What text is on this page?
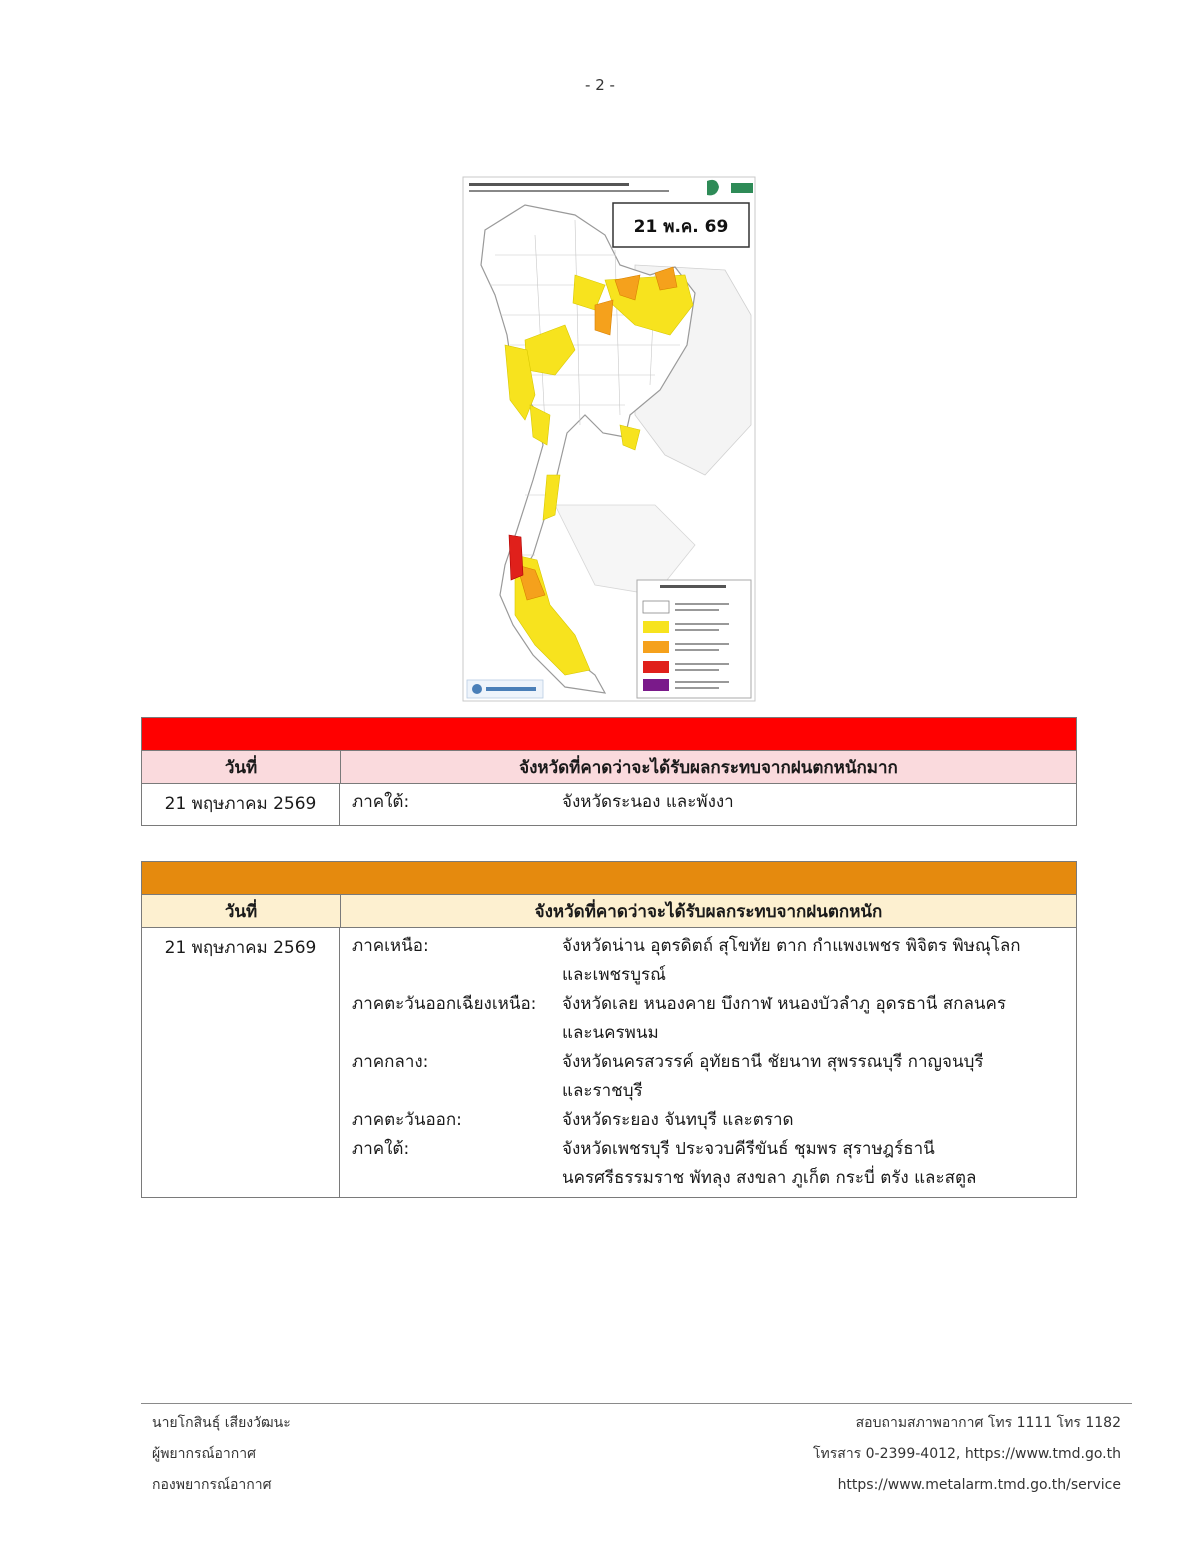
- 2 -
21 พ.ค. 69
วันที่	จังหวัดที่คาดว่าจะได้รับผลกระทบจากฝนตกหนักมาก
21 พฤษภาคม 2569	ภาคใต้:	จังหวัดระนอง และพังงา
วันที่	จังหวัดที่คาดว่าจะได้รับผลกระทบจากฝนตกหนัก
21 พฤษภาคม 2569	ภาคเหนือ:	จังหวัดน่าน อุตรดิตถ์ สุโขทัย ตาก กำแพงเพชร พิจิตร พิษณุโลก
และเพชรบูรณ์
ภาคตะวันออกเฉียงเหนือ:	จังหวัดเลย หนองคาย บึงกาฬ หนองบัวลำภู อุดรธานี สกลนคร
และนครพนม
ภาคกลาง:	จังหวัดนครสวรรค์ อุทัยธานี ชัยนาท สุพรรณบุรี กาญจนบุรี
และราชบุรี
ภาคตะวันออก:	จังหวัดระยอง จันทบุรี และตราด
ภาคใต้:	จังหวัดเพชรบุรี ประจวบคีรีขันธ์ ชุมพร สุราษฎร์ธานี
นครศรีธรรมราช พัทลุง สงขลา ภูเก็ต กระบี่ ตรัง และสตูล
นายโกสินธุ์ เสียงวัฒนะ
ผู้พยากรณ์อากาศ
กองพยากรณ์อากาศ
สอบถามสภาพอากาศ โทร 1111 โทร 1182
โทรสาร 0-2399-4012, https://www.tmd.go.th
https://www.metalarm.tmd.go.th/service
